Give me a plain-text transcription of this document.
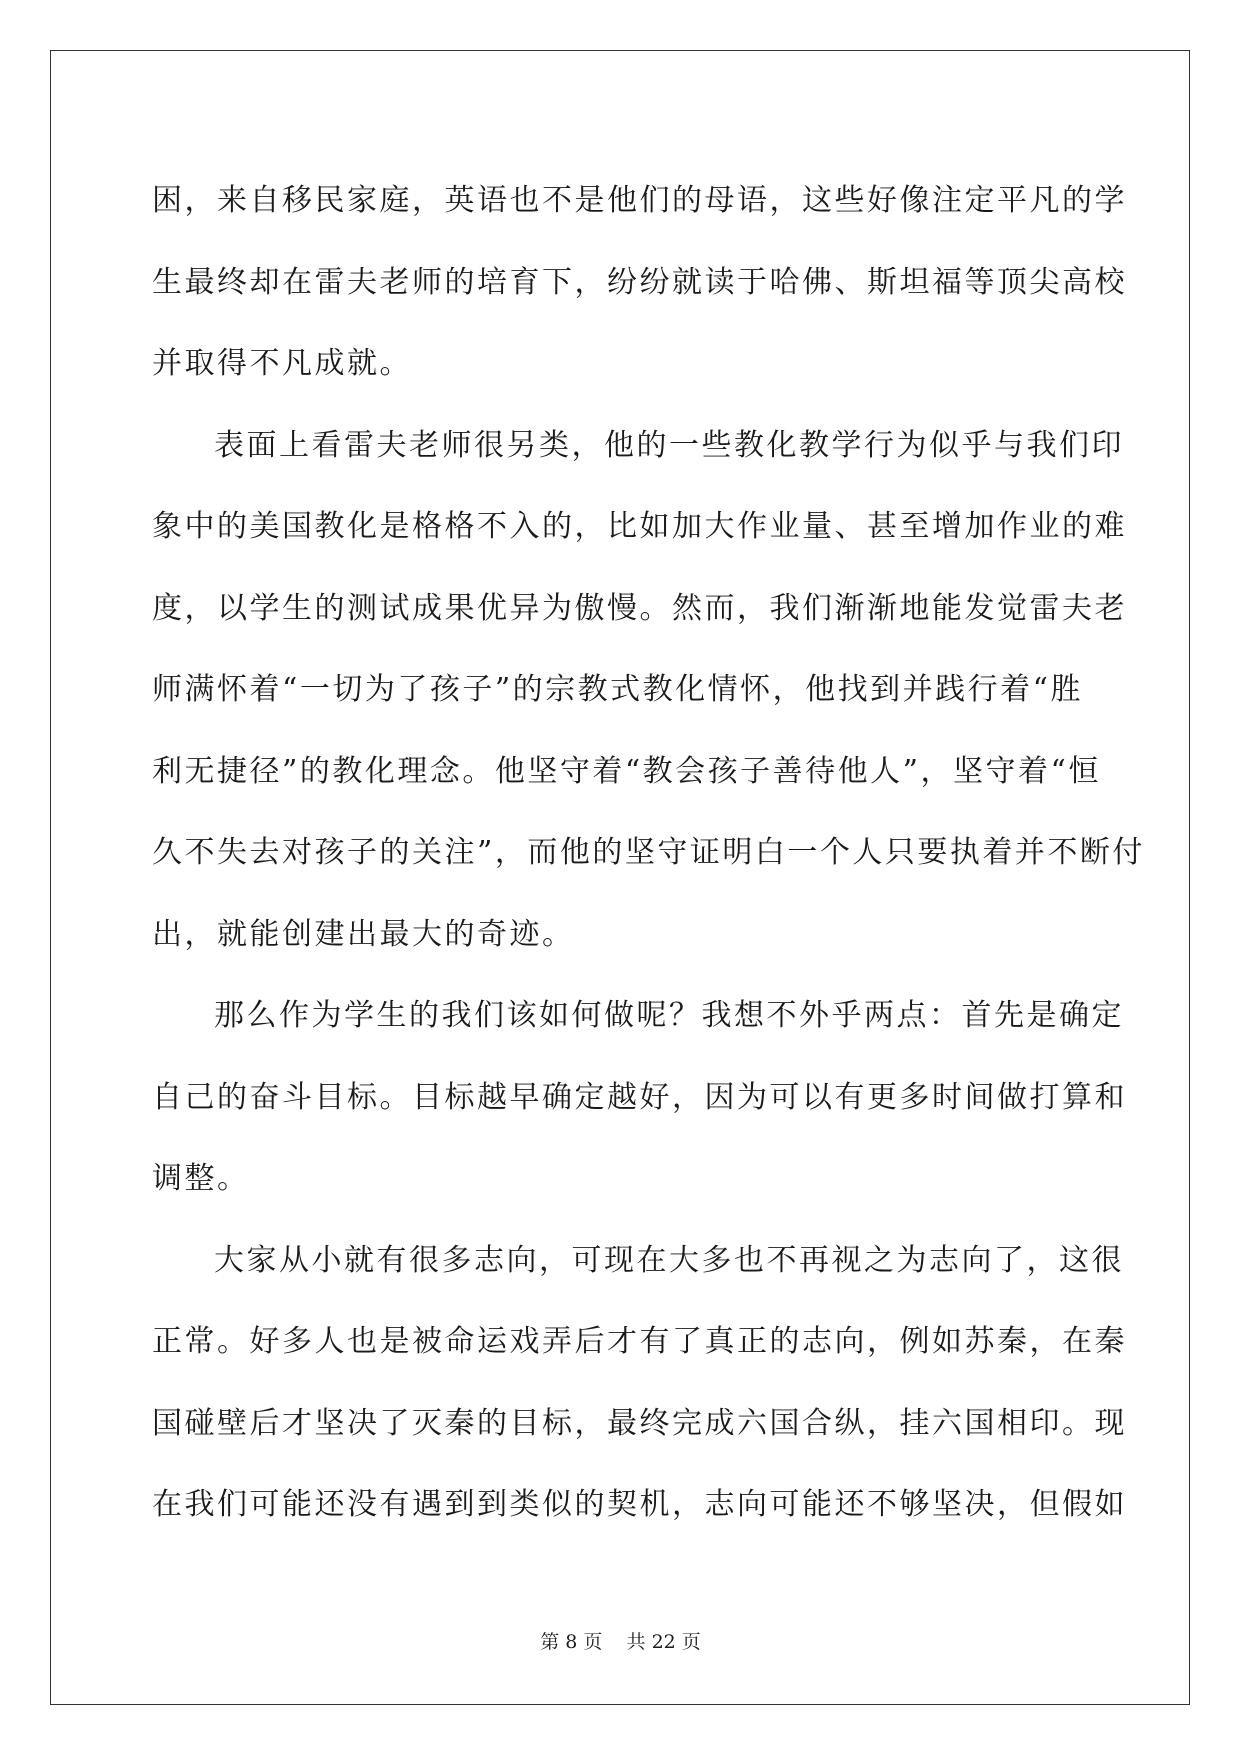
困，来自移民家庭，英语也不是他们的母语，这些好像注定平凡的学
生最终却在雷夫老师的培育下，纷纷就读于哈佛、斯坦福等顶尖高校
并取得不凡成就。
表面上看雷夫老师很另类，他的一些教化教学行为似乎与我们印
象中的美国教化是格格不入的，比如加大作业量、甚至增加作业的难
度，以学生的测试成果优异为傲慢。然而，我们渐渐地能发觉雷夫老
师满怀着“一切为了孩子”的宗教式教化情怀，他找到并践行着“胜
利无捷径”的教化理念。他坚守着“教会孩子善待他人”，坚守着“恒
久不失去对孩子的关注”，而他的坚守证明白一个人只要执着并不断付
出，就能创建出最大的奇迹。
那么作为学生的我们该如何做呢？我想不外乎两点：首先是确定
自己的奋斗目标。目标越早确定越好，因为可以有更多时间做打算和
调整。
大家从小就有很多志向，可现在大多也不再视之为志向了，这很
正常。好多人也是被命运戏弄后才有了真正的志向，例如苏秦，在秦
国碰壁后才坚决了灭秦的目标，最终完成六国合纵，挂六国相印。现
在我们可能还没有遇到到类似的契机，志向可能还不够坚决，但假如
第 8 页 共 22 页
